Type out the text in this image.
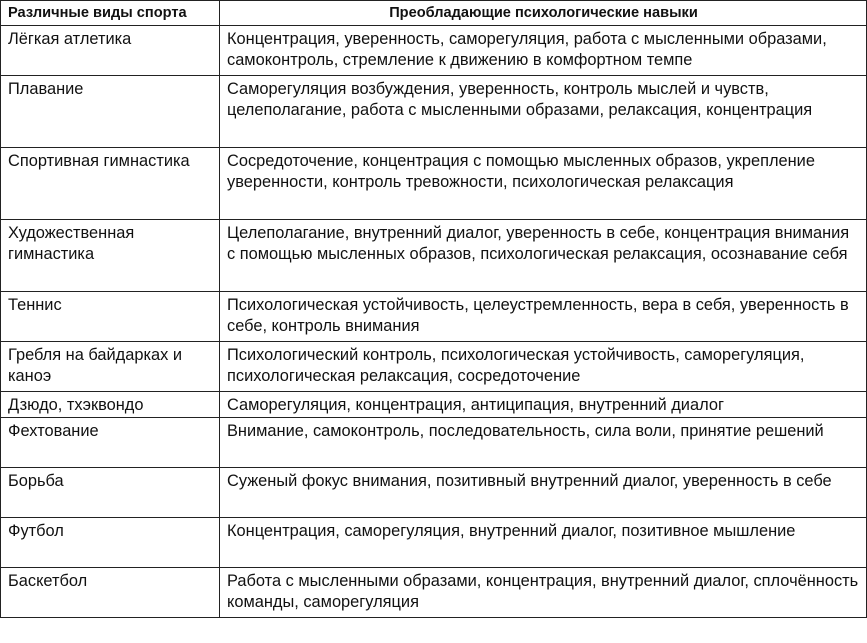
Различные виды спорта	Преобладающие психологические навыки
Лёгкая атлетика	Концентрация, уверенность, саморегуляция, работа с мысленными образами, самоконтроль, стремление к движению в комфортном темпе
Плавание	Саморегуляция возбуждения, уверенность, контроль мыслей и чувств, целеполагание, работа с мысленными образами, релаксация, концентрация
Спортивная гимнастика	Сосредоточение, концентрация с помощью мысленных образов, укрепление уверенности, контроль тревожности, психологическая релаксация
Художественная гимнастика	Целеполагание, внутренний диалог, уверенность в себе, концентрация внимания с помощью мысленных образов, психологическая релаксация, осознавание себя
Теннис	Психологическая устойчивость, целеустремленность, вера в себя, уверенность в себе, контроль внимания
Гребля на байдарках и каноэ	Психологический контроль, психологическая устойчивость, саморегуляция, психологическая релаксация, сосредоточение
Дзюдо, тхэквондо	Саморегуляция, концентрация, антиципация, внутренний диалог
Фехтование	Внимание, самоконтроль, последовательность, сила воли, принятие решений
Борьба	Суженый фокус внимания, позитивный внутренний диалог, уверенность в себе
Футбол	Концентрация, саморегуляция, внутренний диалог, позитивное мышление
Баскетбол	Работа с мысленными образами, концентрация, внутренний диалог, сплочённость команды, саморегуляция
